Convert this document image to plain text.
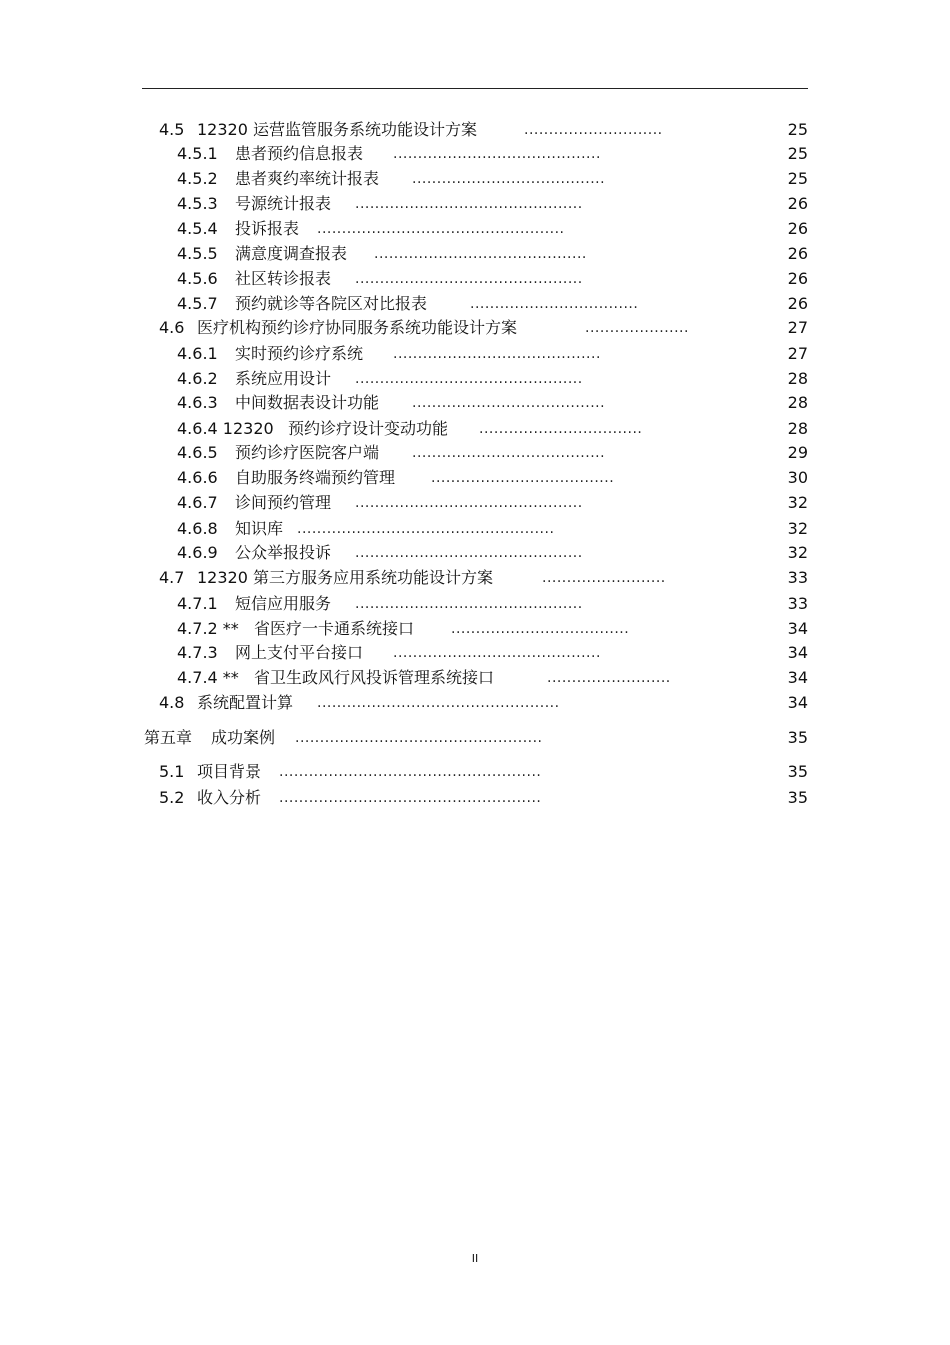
4.5 12320 运营监管服务系统功能设计方案	............................	25
4.5.1 患者预约信息报表 ..........................................	25
4.5.2 患者爽约率统计报表 .......................................	25
4.5.3 号源统计报表 ..............................................	26
4.5.4 投诉报表 ..................................................	26
4.5.5 满意度调查报表 ...........................................	26
4.5.6 社区转诊报表 ..............................................	26
4.5.7 预约就诊等各院区对比报表	..................................	26
4.6 医疗机构预约诊疗协同服务系统功能设计方案	.....................	27
4.6.1 实时预约诊疗系统 ..........................................	27
4.6.2 系统应用设计 ..............................................	28
4.6.3 中间数据表设计功能 .......................................	28
4.6.4 12320 预约诊疗设计变动功能 .................................	28
4.6.5 预约诊疗医院客户端 .......................................	29
4.6.6 自助服务终端预约管理	.....................................	30
4.6.7 诊间预约管理 ..............................................	32
4.6.8 知识库 ....................................................	32
4.6.9 公众举报投诉 ..............................................	32
4.7 12320 第三方服务应用系统功能设计方案	.........................	33
4.7.1 短信应用服务 ..............................................	33
4.7.2 ** 省医疗一卡通系统接口	....................................	34
4.7.3 网上支付平台接口 ..........................................	34
4.7.4 ** 省卫生政风行风投诉管理系统接口	.........................	34
4.8 系统配置计算 .................................................	34
第五章 成功案例 ..................................................	35
5.1 项目背景 .....................................................	35
5.2 收入分析 .....................................................	35
II
